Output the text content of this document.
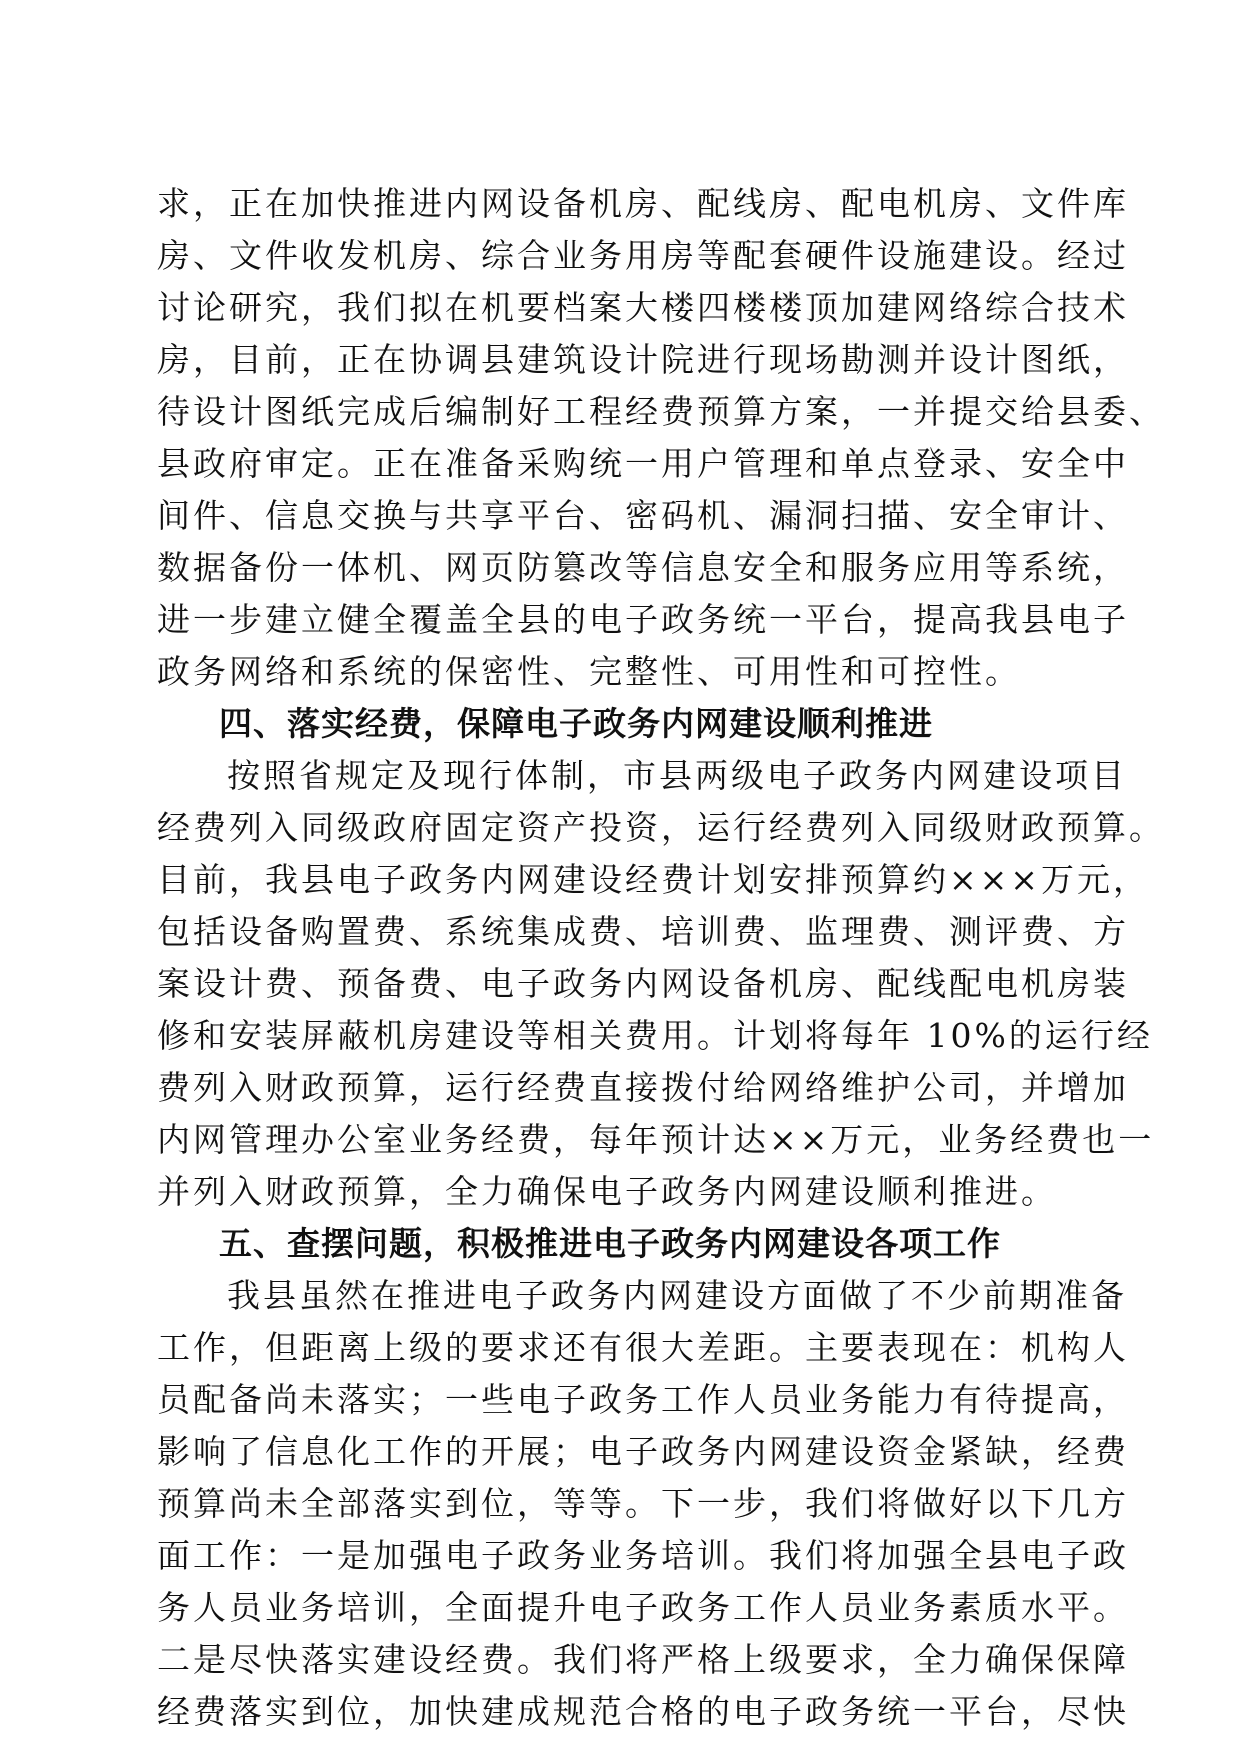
求，正在加快推进内网设备机房、配线房、配电机房、文件库
房、文件收发机房、综合业务用房等配套硬件设施建设。经过
讨论研究，我们拟在机要档案大楼四楼楼顶加建网络综合技术
房，目前，正在协调县建筑设计院进行现场勘测并设计图纸，
待设计图纸完成后编制好工程经费预算方案，一并提交给县委、
县政府审定。正在准备采购统一用户管理和单点登录、安全中
间件、信息交换与共享平台、密码机、漏洞扫描、安全审计、
数据备份一体机、网页防篡改等信息安全和服务应用等系统，
进一步建立健全覆盖全县的电子政务统一平台，提高我县电子
政务网络和系统的保密性、完整性、可用性和可控性。
四、落实经费，保障电子政务内网建设顺利推进
按照省规定及现行体制，市县两级电子政务内网建设项目
经费列入同级政府固定资产投资，运行经费列入同级财政预算。
目前，我县电子政务内网建设经费计划安排预算约×××万元，
包括设备购置费、系统集成费、培训费、监理费、测评费、方
案设计费、预备费、电子政务内网设备机房、配线配电机房装
修和安装屏蔽机房建设等相关费用。计划将每年 10%的运行经
费列入财政预算，运行经费直接拨付给网络维护公司，并增加
内网管理办公室业务经费，每年预计达××万元，业务经费也一
并列入财政预算，全力确保电子政务内网建设顺利推进。
五、查摆问题，积极推进电子政务内网建设各项工作
我县虽然在推进电子政务内网建设方面做了不少前期准备
工作，但距离上级的要求还有很大差距。主要表现在：机构人
员配备尚未落实；一些电子政务工作人员业务能力有待提高，
影响了信息化工作的开展；电子政务内网建设资金紧缺，经费
预算尚未全部落实到位，等等。下一步，我们将做好以下几方
面工作：一是加强电子政务业务培训。我们将加强全县电子政
务人员业务培训，全面提升电子政务工作人员业务素质水平。
二是尽快落实建设经费。我们将严格上级要求，全力确保保障
经费落实到位，加快建成规范合格的电子政务统一平台，尽快
